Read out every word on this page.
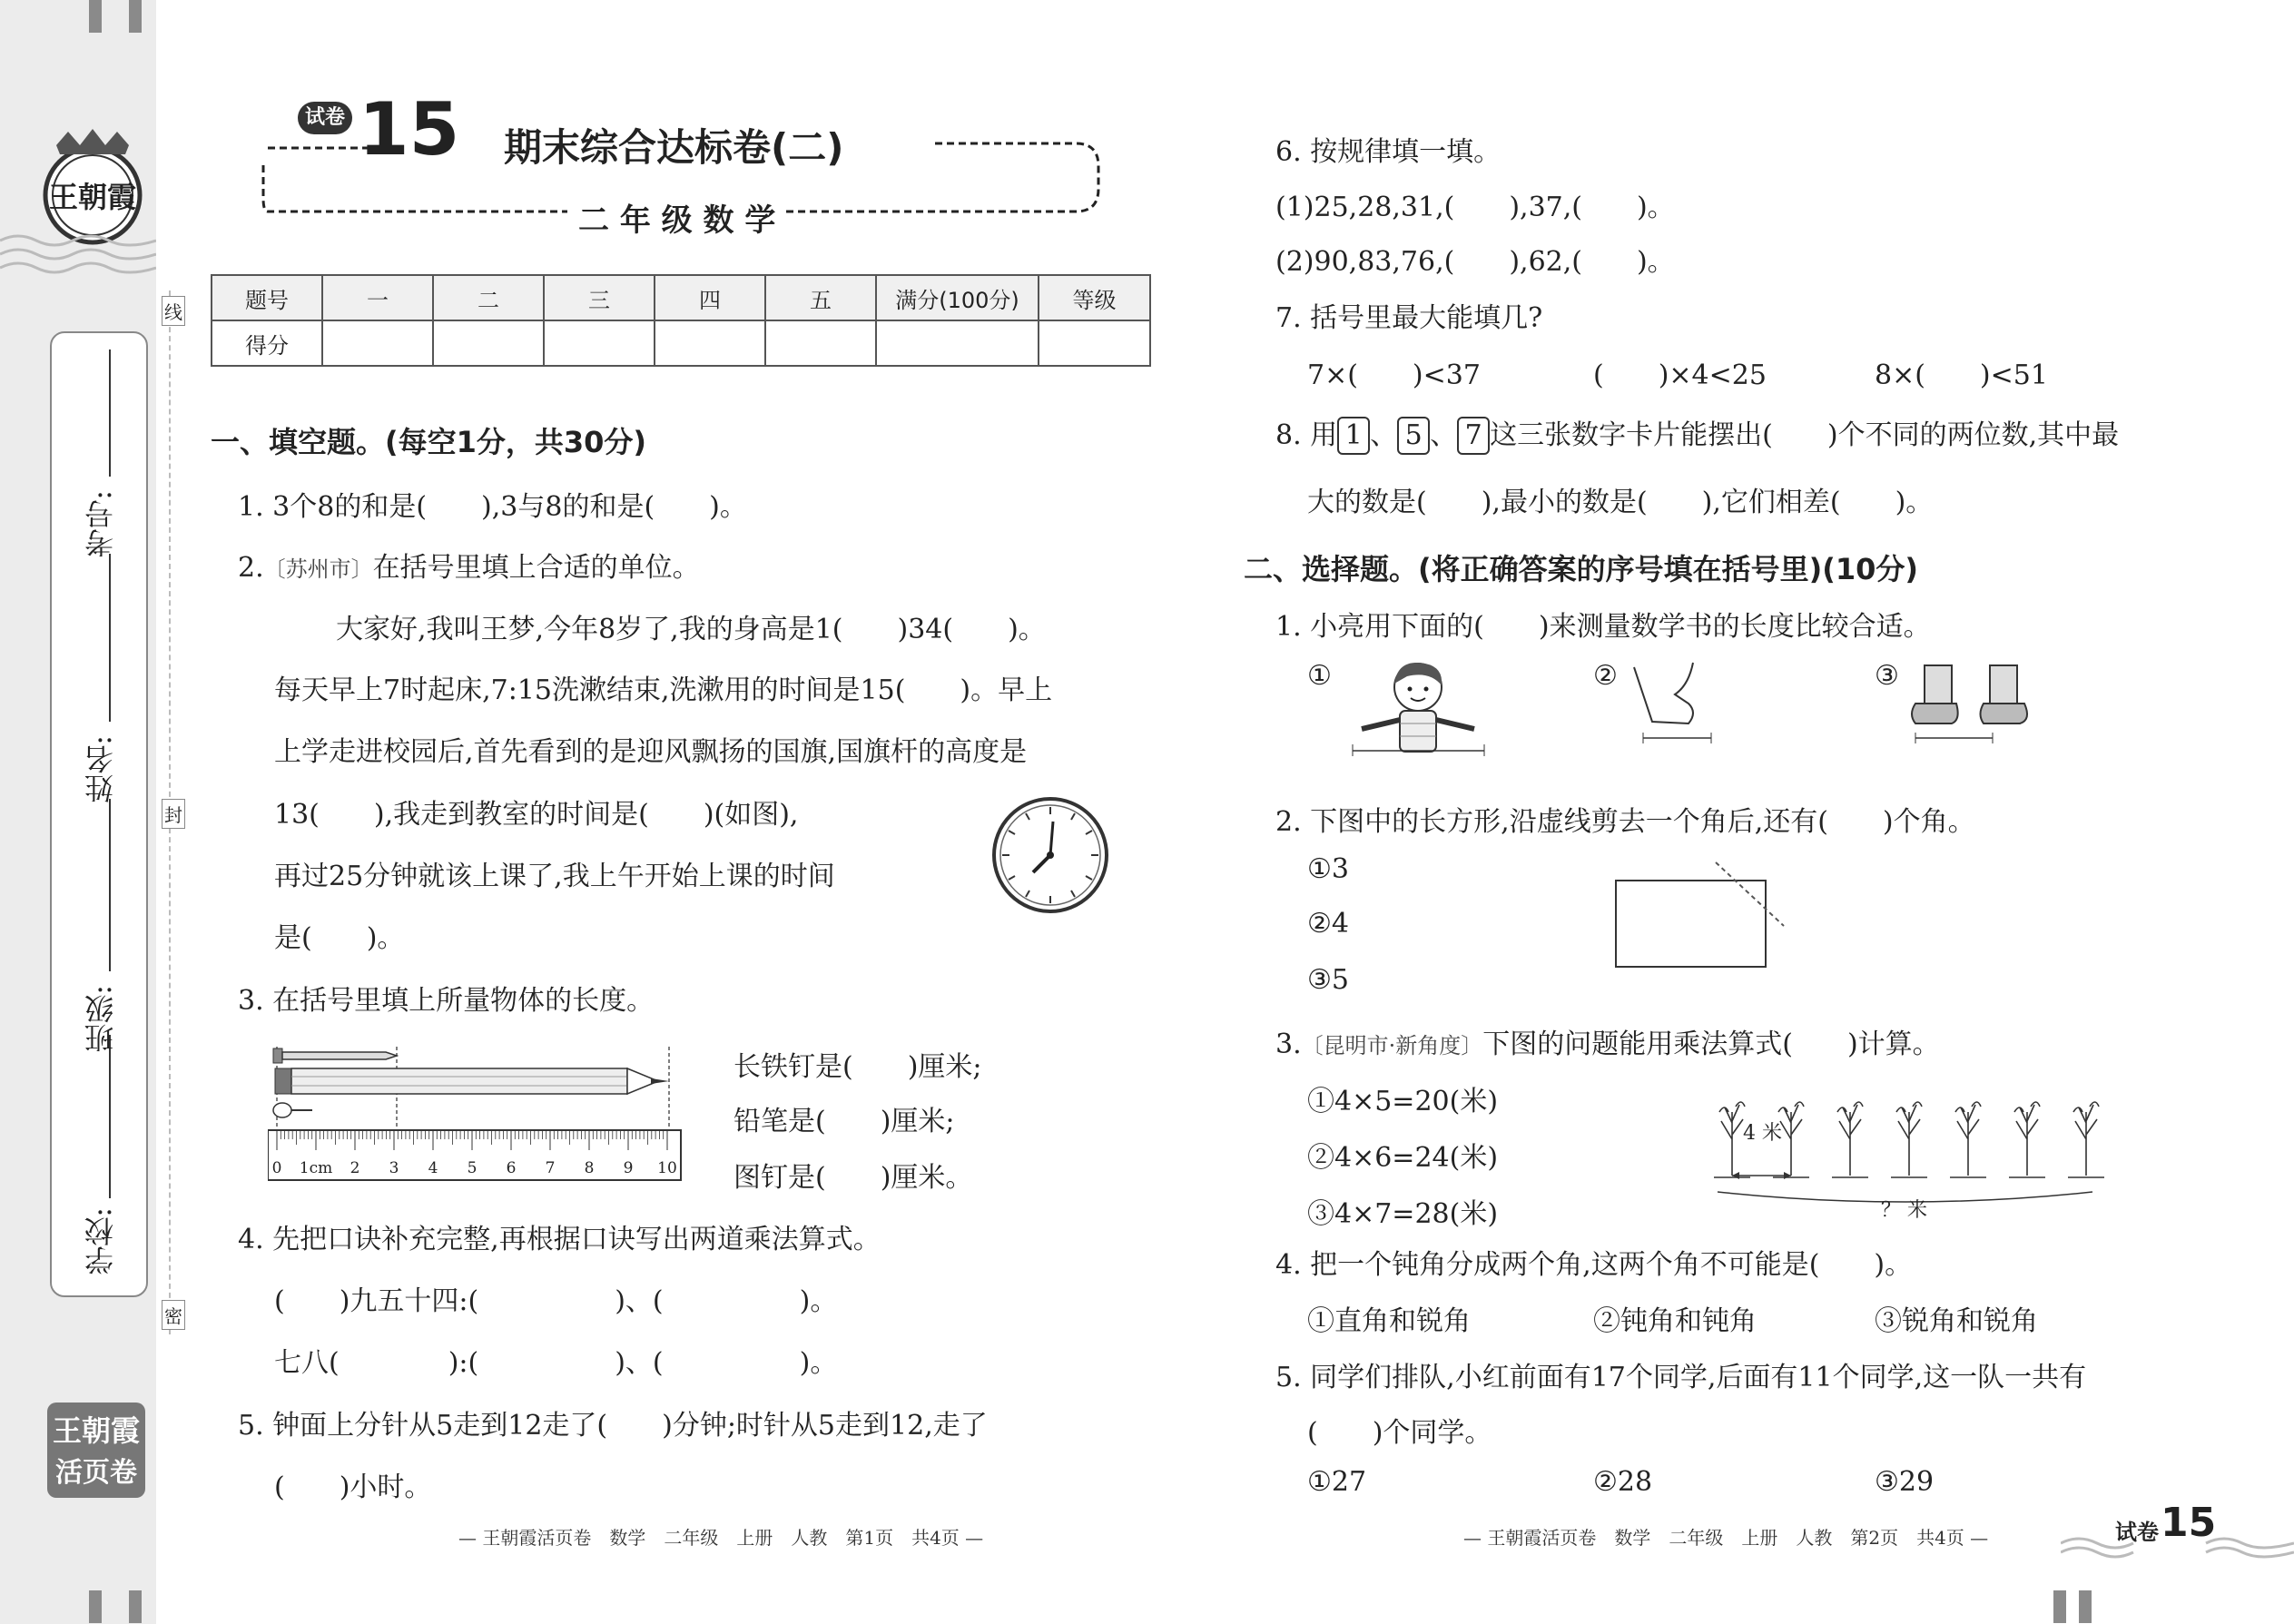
王朝霞
学校:
班级:
姓名:
考号:
王朝霞
活页卷
线
封
密
试卷 15 期末综合达标卷(二)
二 年 级 数 学
题号	一	二	三	四	五	满分(100分)	等级
得分							
一、填空题。(每空1分，共30分)
1. 3个8的和是(　　),3与8的和是(　　)。
2.〔苏州市〕在括号里填上合适的单位。
大家好,我叫王梦,今年8岁了,我的身高是1(　　)34(　　)。
每天早上7时起床,7:15洗漱结束,洗漱用的时间是15(　　)。早上
上学走进校园后,首先看到的是迎风飘扬的国旗,国旗杆的高度是
13(　　),我走到教室的时间是(　　)(如图),
再过25分钟就该上课了,我上午开始上课的时间
是(　　)。
3. 在括号里填上所量物体的长度。
0 1cm 2 3 4 5 6 7 8 9 10
长铁钉是(　　)厘米;
铅笔是(　　)厘米;
图钉是(　　)厘米。
4. 先把口诀补充完整,再根据口诀写出两道乘法算式。
(　　)九五十四:(　　　　　)、(　　　　　)。
七八(　　　　):(　　　　　)、(　　　　　)。
5. 钟面上分针从5走到12走了(　　)分钟;时针从5走到12,走了
(　　)小时。
— 王朝霞活页卷　数学　二年级　上册　人教　第1页　共4页 —
6. 按规律填一填。
(1)25,28,31,(　　),37,(　　)。
(2)90,83,76,(　　),62,(　　)。
7. 括号里最大能填几?
7×(　　)<37	(　　)×4<25	8×(　　)<51
8. 用 1 、 5 、 7 这三张数字卡片能摆出(　　)个不同的两位数,其中最
大的数是(　　),最小的数是(　　),它们相差(　　)。
二、选择题。(将正确答案的序号填在括号里)(10分)
1. 小亮用下面的(　　)来测量数学书的长度比较合适。
①	②	③
2. 下图中的长方形,沿虚线剪去一个角后,还有(　　)个角。
①3
②4
③5
3.〔昆明市·新角度〕下图的问题能用乘法算式(　　)计算。
①4×5=20(米)
②4×6=24(米)
③4×7=28(米)
4 米
？ 米
4. 把一个钝角分成两个角,这两个角不可能是(　　)。
①直角和锐角	②钝角和钝角	③锐角和锐角
5. 同学们排队,小红前面有17个同学,后面有11个同学,这一队一共有
(　　)个同学。
①27	②28	③29
— 王朝霞活页卷　数学　二年级　上册　人教　第2页　共4页 —	试卷 15
